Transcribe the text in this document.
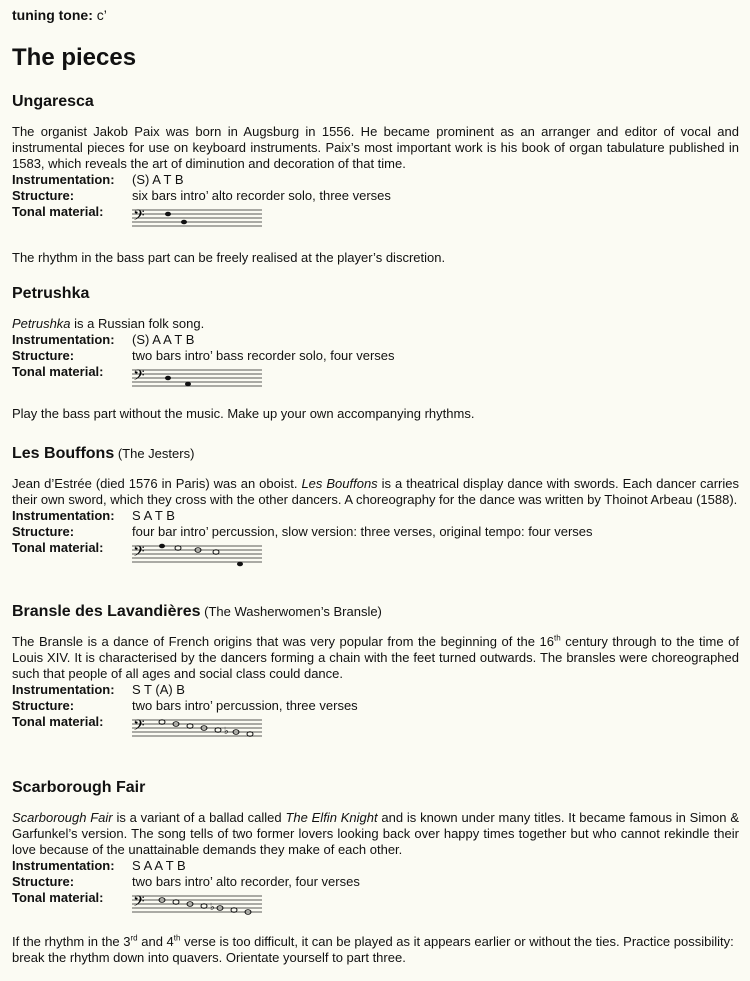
tuning tone: c’
The pieces
Ungaresca

The organist Jakob Paix was born in Augsburg in 1556. He became prominent as an arranger and editor of vocal and instrumental pieces for use on keyboard instruments. Paix’s most important work is his book of organ tabulature published in 1583, which reveals the art of diminution and decoration of that time.

Instrumentation:	(S) A T B
Structure:	six bars intro’ alto recorder solo, three verses
Tonal material:	𝄢

The rhythm in the bass part can be freely realised at the player’s discretion.

Petrushka

Petrushka is a Russian folk song.

Instrumentation:	(S) A A T B
Structure:	two bars intro’ bass recorder solo, four verses
Tonal material:	𝄢

Play the bass part without the music. Make up your own accompanying rhythms.

Les Bouffons (The Jesters)

Jean d’Estrée (died 1576 in Paris) was an oboist. Les Bouffons is a theatrical display dance with swords. Each dancer carries their own sword, which they cross with the other dancers. A choreography for the dance was written by Thoinot Arbeau (1588).

Instrumentation:	S A T B
Structure:	four bar intro’ percussion, slow version: three verses, original tempo: four verses
Tonal material:	𝄢
Bransle des Lavandières (The Washerwomen’s Bransle)

The Bransle is a dance of French origins that was very popular from the beginning of the 16th century through to the time of Louis XIV. It is characterised by the dancers forming a chain with the feet turned outwards. The bransles were choreographed such that people of all ages and social class could dance.

Instrumentation:	S T (A) B
Structure:	two bars intro’ percussion, three verses
Tonal material:	𝄢	♭
Scarborough Fair

Scarborough Fair is a variant of a ballad called The Elfin Knight and is known under many titles. It became famous in Simon & Garfunkel’s version. The song tells of two former lovers looking back over happy times together but who cannot rekindle their love because of the unattainable demands they make of each other.

Instrumentation:	S A A T B
Structure:	two bars intro’ alto recorder, four verses
Tonal material:	𝄢	♭

If the rhythm in the 3rd and 4th verse is too difficult, it can be played as it appears earlier or without the ties. Practice possibility: break the rhythm down into quavers. Orientate yourself to part three.
